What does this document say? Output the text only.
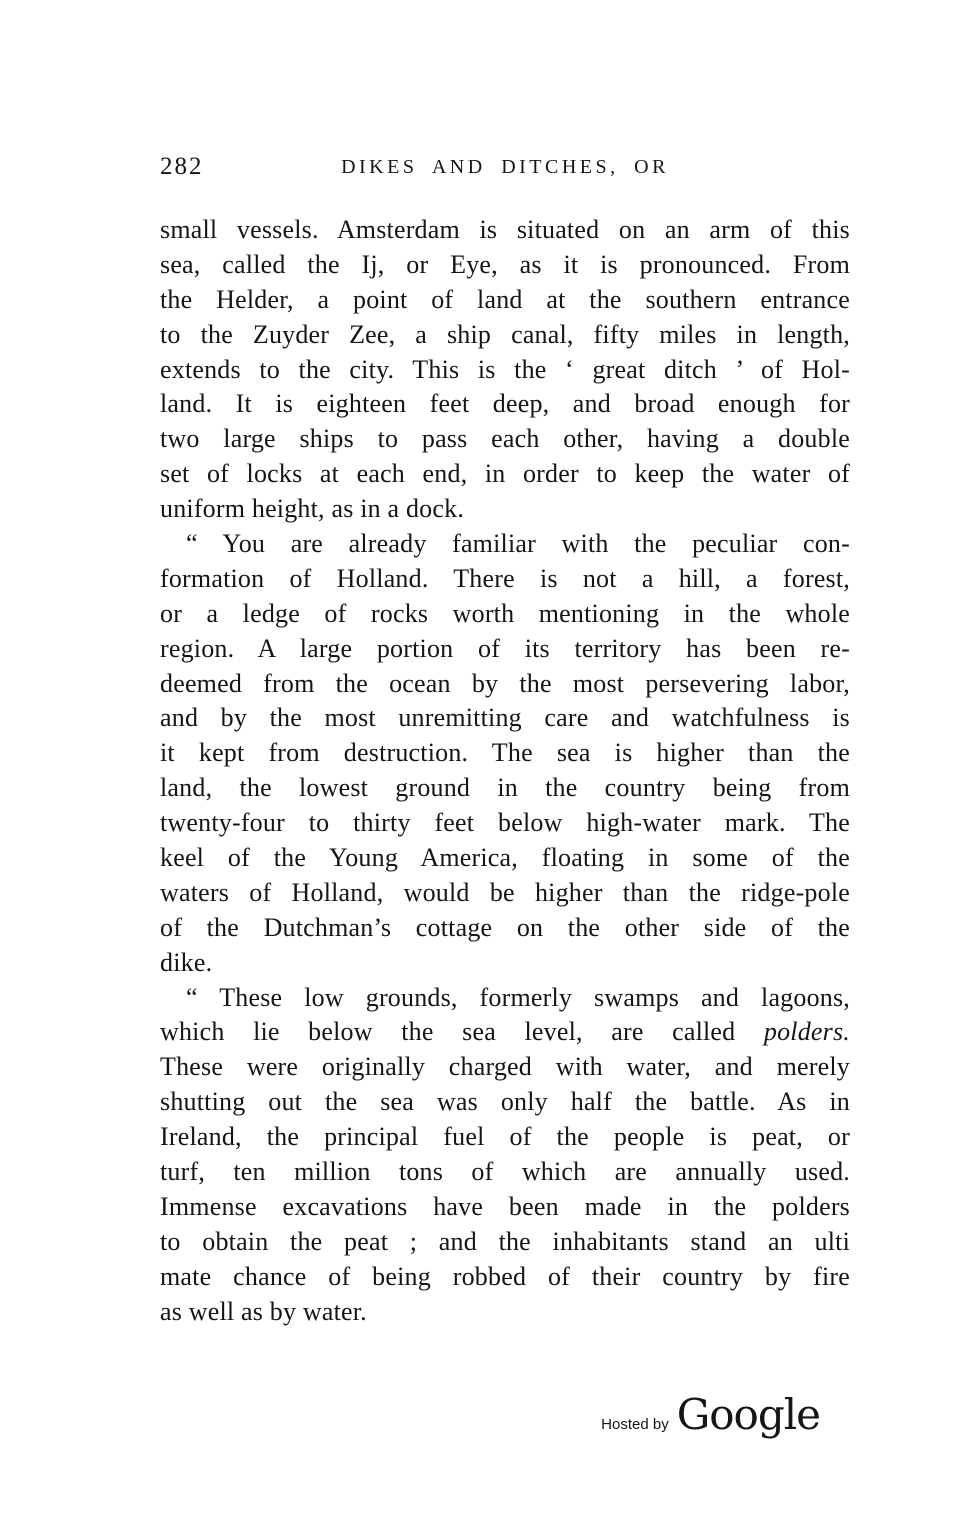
282	DIKES AND DITCHES, OR
small vessels. Amsterdam is situated on an arm of this
sea, called the Ij, or Eye, as it is pronounced. From
the Helder, a point of land at the southern entrance
to the Zuyder Zee, a ship canal, fifty miles in length,
extends to the city. This is the ‘ great ditch ’ of Hol-
land. It is eighteen feet deep, and broad enough for
two large ships to pass each other, having a double
set of locks at each end, in order to keep the water of
uniform height, as in a dock.
“ You are already familiar with the peculiar con-
formation of Holland. There is not a hill, a forest,
or a ledge of rocks worth mentioning in the whole
region. A large portion of its territory has been re-
deemed from the ocean by the most persevering labor,
and by the most unremitting care and watchfulness is
it kept from destruction. The sea is higher than the
land, the lowest ground in the country being from
twenty-four to thirty feet below high-water mark. The
keel of the Young America, floating in some of the
waters of Holland, would be higher than the ridge-pole
of the Dutchman’s cottage on the other side of the
dike.
“ These low grounds, formerly swamps and lagoons,
which lie below the sea level, are called polders.
These were originally charged with water, and merely
shutting out the sea was only half the battle. As in
Ireland, the principal fuel of the people is peat, or
turf, ten million tons of which are annually used.
Immense excavations have been made in the polders
to obtain the peat ; and the inhabitants stand an ulti
mate chance of being robbed of their country by fire
as well as by water.
Hosted by Google
